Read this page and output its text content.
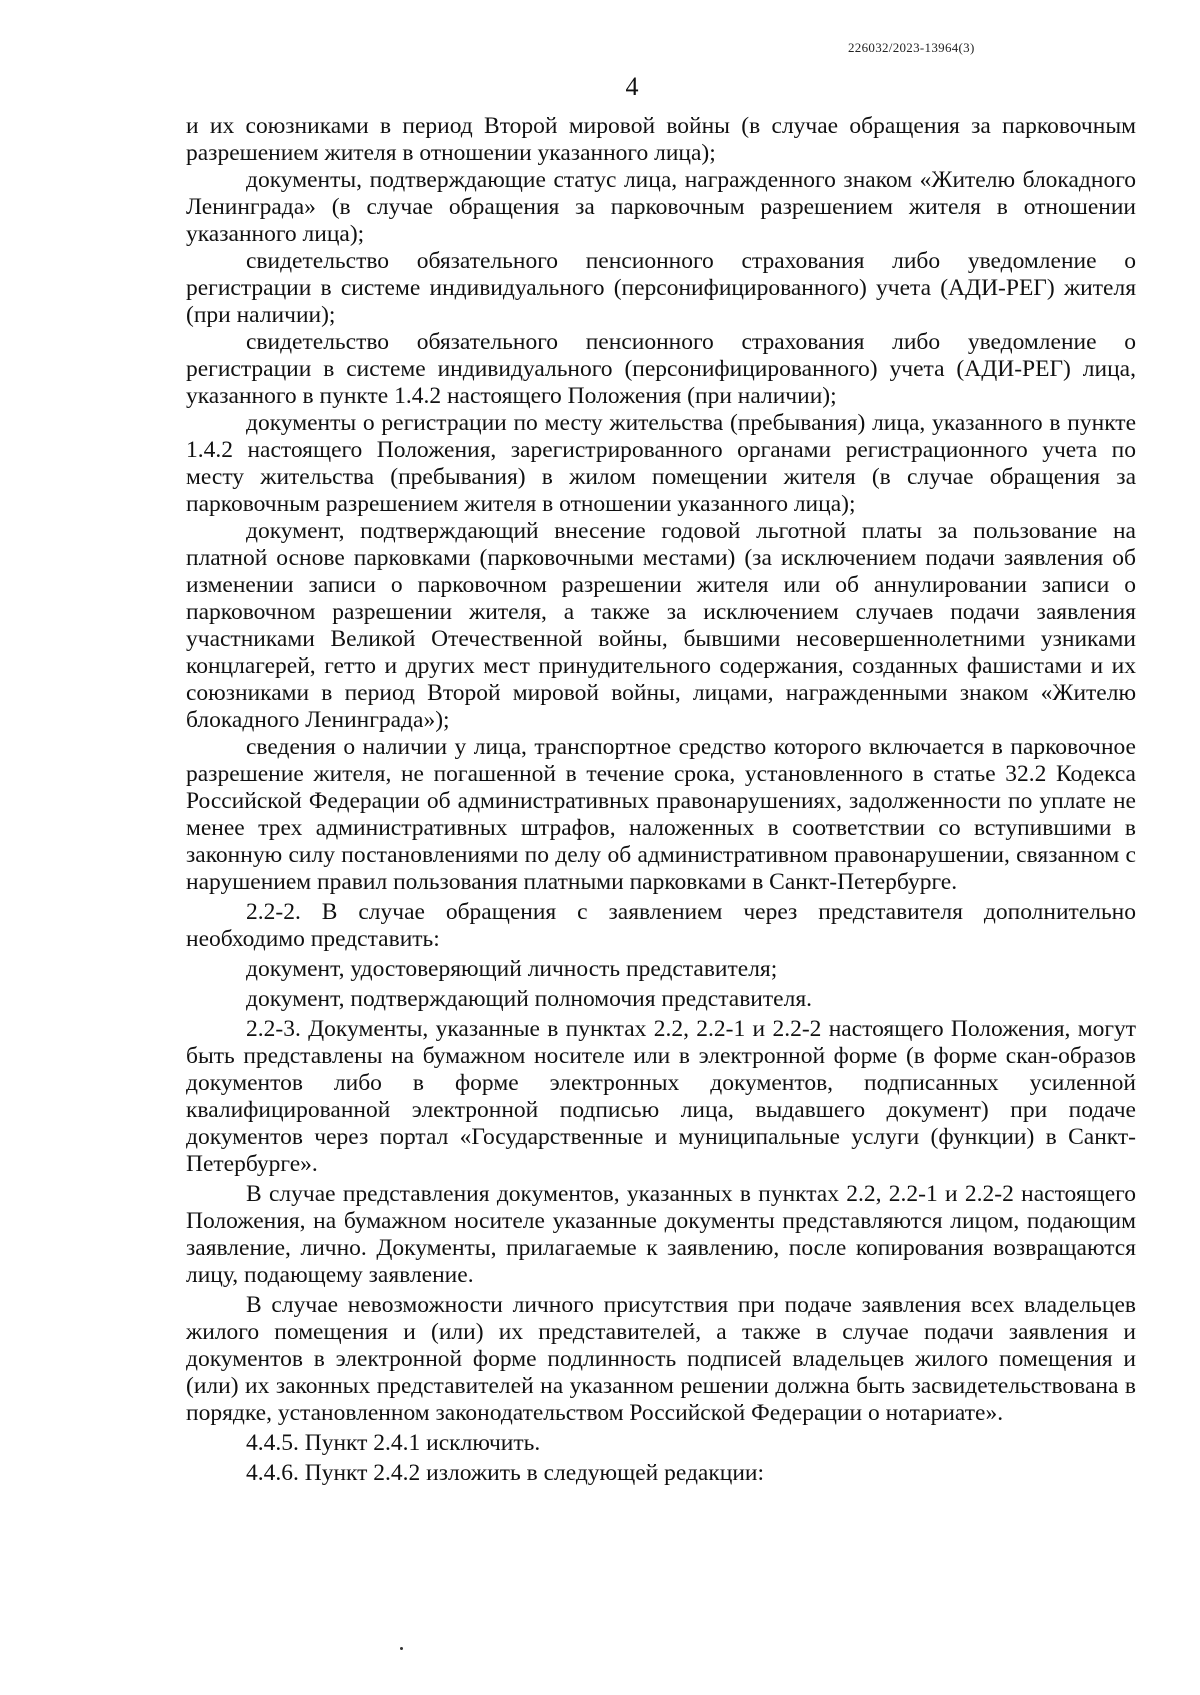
226032/2023-13964(3)
4

и их союзниками в период Второй мировой войны (в случае обращения за парковочным разрешением жителя в отношении указанного лица);

документы, подтверждающие статус лица, награжденного знаком «Жителю блокадного Ленинграда» (в случае обращения за парковочным разрешением жителя в отношении указанного лица);

свидетельство обязательного пенсионного страхования либо уведомление о регистрации в системе индивидуального (персонифицированного) учета (АДИ-РЕГ) жителя (при наличии);

свидетельство обязательного пенсионного страхования либо уведомление о регистрации в системе индивидуального (персонифицированного) учета (АДИ-РЕГ) лица, указанного в пункте 1.4.2 настоящего Положения (при наличии);

документы о регистрации по месту жительства (пребывания) лица, указанного в пункте 1.4.2 настоящего Положения, зарегистрированного органами регистрационного учета по месту жительства (пребывания) в жилом помещении жителя (в случае обращения за парковочным разрешением жителя в отношении указанного лица);

документ, подтверждающий внесение годовой льготной платы за пользование на платной основе парковками (парковочными местами) (за исключением подачи заявления об изменении записи о парковочном разрешении жителя или об аннулировании записи о парковочном разрешении жителя, а также за исключением случаев подачи заявления участниками Великой Отечественной войны, бывшими несовершеннолетними узниками концлагерей, гетто и других мест принудительного содержания, созданных фашистами и их союзниками в период Второй мировой войны, лицами, награжденными знаком «Жителю блокадного Ленинграда»);

сведения о наличии у лица, транспортное средство которого включается в парковочное разрешение жителя, не погашенной в течение срока, установленного в статье 32.2 Кодекса Российской Федерации об административных правонарушениях, задолженности по уплате не менее трех административных штрафов, наложенных в соответствии со вступившими в законную силу постановлениями по делу об административном правонарушении, связанном с нарушением правил пользования платными парковками в Санкт-Петербурге.

2.2-2. В случае обращения с заявлением через представителя дополнительно необходимо представить:

документ, удостоверяющий личность представителя;

документ, подтверждающий полномочия представителя.

2.2-3. Документы, указанные в пунктах 2.2, 2.2-1 и 2.2-2 настоящего Положения, могут быть представлены на бумажном носителе или в электронной форме (в форме скан-образов документов либо в форме электронных документов, подписанных усиленной квалифицированной электронной подписью лица, выдавшего документ) при подаче документов через портал «Государственные и муниципальные услуги (функции) в Санкт-Петербурге».

В случае представления документов, указанных в пунктах 2.2, 2.2-1 и 2.2-2 настоящего Положения, на бумажном носителе указанные документы представляются лицом, подающим заявление, лично. Документы, прилагаемые к заявлению, после копирования возвращаются лицу, подающему заявление.

В случае невозможности личного присутствия при подаче заявления всех владельцев жилого помещения и (или) их представителей, а также в случае подачи заявления и документов в электронной форме подлинность подписей владельцев жилого помещения и (или) их законных представителей на указанном решении должна быть засвидетельствована в порядке, установленном законодательством Российской Федерации о нотариате».

4.4.5. Пункт 2.4.1 исключить.

4.4.6. Пункт 2.4.2 изложить в следующей редакции:
